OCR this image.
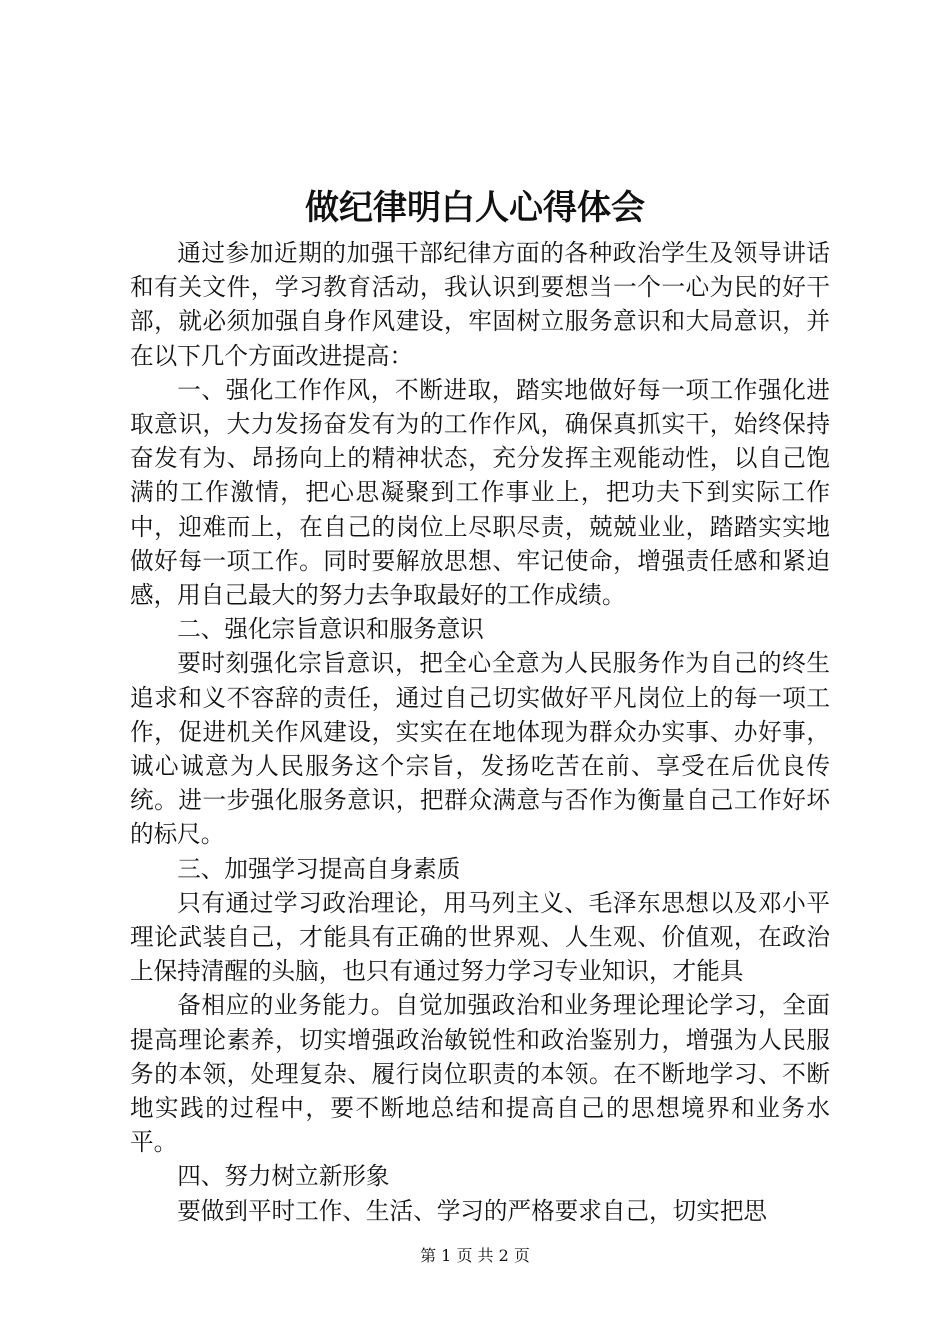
做纪律明白人心得体会

通过参加近期的加强干部纪律方面的各种政治学生及领导讲话和有关文件，学习教育活动，我认识到要想当一个一心为民的好干部，就必须加强自身作风建设，牢固树立服务意识和大局意识，并在以下几个方面改进提高：

一、强化工作作风，不断进取，踏实地做好每一项工作强化进取意识，大力发扬奋发有为的工作作风，确保真抓实干，始终保持奋发有为、昂扬向上的精神状态，充分发挥主观能动性，以自己饱满的工作激情，把心思凝聚到工作事业上，把功夫下到实际工作中，迎难而上，在自己的岗位上尽职尽责，兢兢业业，踏踏实实地做好每一项工作。同时要解放思想、牢记使命，增强责任感和紧迫感，用自己最大的努力去争取最好的工作成绩。

二、强化宗旨意识和服务意识

要时刻强化宗旨意识，把全心全意为人民服务作为自己的终生追求和义不容辞的责任，通过自己切实做好平凡岗位上的每一项工作，促进机关作风建设，实实在在地体现为群众办实事、办好事，诚心诚意为人民服务这个宗旨，发扬吃苦在前、享受在后优良传统。进一步强化服务意识，把群众满意与否作为衡量自己工作好坏的标尺。

三、加强学习提高自身素质

只有通过学习政治理论，用马列主义、毛泽东思想以及邓小平理论武装自己，才能具有正确的世界观、人生观、价值观，在政治上保持清醒的头脑，也只有通过努力学习专业知识，才能具

备相应的业务能力。自觉加强政治和业务理论理论学习，全面提高理论素养，切实增强政治敏锐性和政治鉴别力，增强为人民服务的本领，处理复杂、履行岗位职责的本领。在不断地学习、不断地实践的过程中，要不断地总结和提高自己的思想境界和业务水平。

四、努力树立新形象

要做到平时工作、生活、学习的严格要求自己，切实把思

第 1 页 共 2 页
